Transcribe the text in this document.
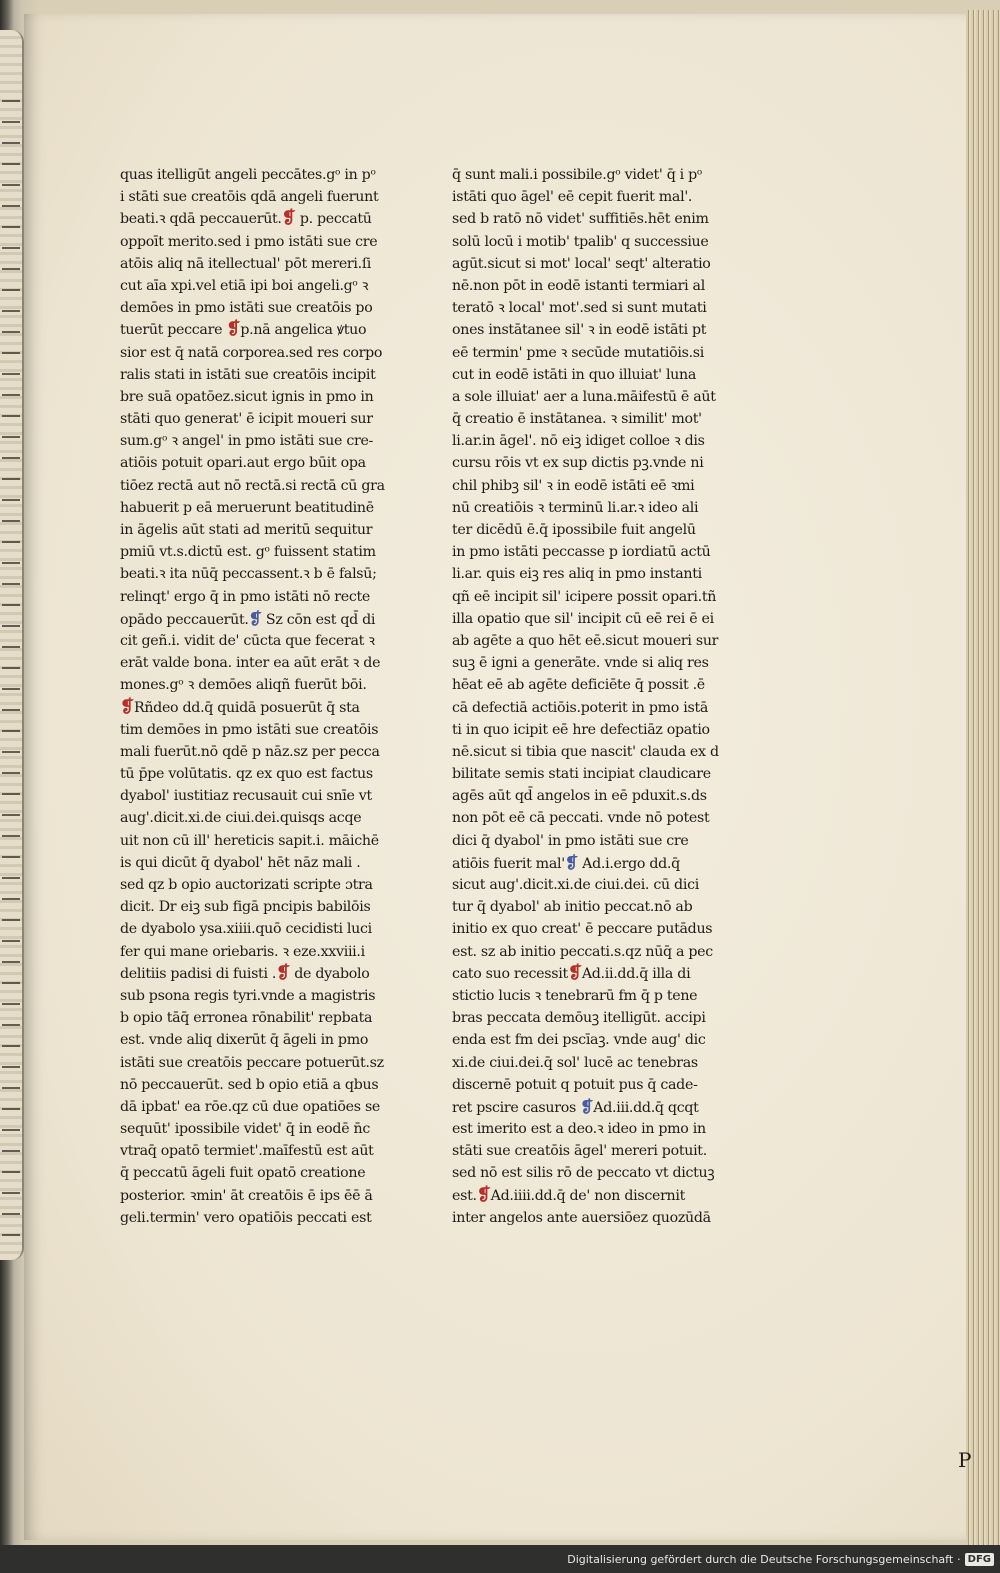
quas itelligūt angeli peccātes.gᵒ in pᵒ
i stāti sue creatōis qdā angeli fuerunt
beati.ꝛ qdā peccauerūt.❡ p. peccatū
oppoīt merito.sed i pmo istāti sue cre
atōis aliq nā itellectual' pōt mereri.ſi
cut aīa xpi.vel etiā ipi boi angeli.gᵒ ꝛ
demōes in pmo istāti sue creatōis po
tuerūt peccare ❡p.nā angelica ꝟtuo
sior est q̄ natā corporea.sed res corpo
ralis stati in istāti sue creatōis incipit
bre suā opatōez.sicut ignis in pmo in
stāti quo generat' ē icipit moueri sur
sum.gᵒ ꝛ angel' in pmo istāti sue cre-
atiōis potuit opari.aut ergo būit opa
tiōez rectā aut nō rectā.si rectā cū gra
habuerit p eā meruerunt beatitudinē
in āgelis aūt stati ad meritū sequitur
pmiū vt.s.dictū est. gᵒ fuissent statim
beati.ꝛ ita nūq̄ peccassent.ꝛ b ē falsū;
relinqt' ergo q̄ in pmo istāti nō recte
opādo peccauerūt.❡ Sz cōn est qd̄ di
cit geñ.i. vidit de' cūcta que fecerat ꝛ
erāt valde bona. inter ea aūt erāt ꝛ de
mones.gᵒ ꝛ demōes aliqñ fuerūt bōi.
❡Rñdeo dd.q̄ quidā posuerūt q̄ sta
tim demōes in pmo istāti sue creatōis
mali fuerūt.nō qdē p nāz.sz per pecca
tū p̄pe volūtatis. qz ex quo est factus
dyabol' iustitiaz recusauit cui snīe vt
aug'.dicit.xi.de ciui.dei.quisqs acqe
uit non cū ill' hereticis sapit.i. māichē
is qui dicūt q̄ dyabol' hēt nāz mali .
sed qz b opio auctorizati scripte ɔtra
dicit. Dr eiꝫ sub figā pncipis babilōis
de dyabolo ysa.xiiii.quō cecidisti luci
fer qui mane oriebaris. ꝛ eze.xxviii.i
delitiis padisi di fuisti .❡ de dyabolo
sub psona regis tyri.vnde a magistris
b opio tāq̄ erronea rōnabilit' repbata
est. vnde aliq dixerūt q̄ āgeli in pmo
istāti sue creatōis peccare potuerūt.sz
nō peccauerūt. sed b opio etiā a qbus
dā ipbat' ea rōe.qz cū due opatiōes se
sequūt' ipossibile videt' q̄ in eodē n̄c
vtraq̄ opatō termiet'.maīfestū est aūt
q̄ peccatū āgeli fuit opatō creatione
posterior. ꝛmin' āt creatōis ē ips ēē ā
geli.termin' vero opatiōis peccati est
q̄ sunt mali.i possibile.gᵒ videt' q̄ i pᵒ
istāti quo āgel' eē cepit fuerit mal'.
sed b ratō nō videt' suffitiēs.hēt enim
solū locū i motib' tpalib' q successiue
agūt.sicut si mot' local' seqt' alteratio
nē.non pōt in eodē istanti termiari al
teratō ꝛ local' mot'.sed si sunt mutati
ones instātanee sil' ꝛ in eodē istāti pt
eē termin' pme ꝛ secūde mutatiōis.si
cut in eodē istāti in quo illuiat' luna
a sole illuiat' aer a luna.māifestū ē aūt
q̄ creatio ē instātanea. ꝛ similit' mot'
li.ar.in āgel'. nō eiꝫ idiget colloe ꝛ dis
cursu rōis vt ex sup dictis pꝫ.vnde ni
chil phibꝫ sil' ꝛ in eodē istāti eē ꝛmi
nū creatiōis ꝛ terminū li.ar.ꝛ ideo ali
ter dicēdū ē.q̄ ipossibile fuit angelū
in pmo istāti peccasse p iordiatū actū
li.ar. quis eiꝫ res aliq in pmo instanti
qñ eē incipit sil' icipere possit opari.tñ
illa opatio que sil' incipit cū eē rei ē ei
ab agēte a quo hēt eē.sicut moueri sur
suꝫ ē igni a generāte. vnde si aliq res
hēat eē ab agēte deficiēte q̄ possit .ē
cā defectiā actiōis.poterit in pmo istā
ti in quo icipit eē hre defectiāz opatio
nē.sicut si tibia que nascit' clauda ex d
bilitate semis stati incipiat claudicare
agēs aūt qd̄ angelos in eē pduxit.s.ds
non pōt eē cā peccati. vnde nō potest
dici q̄ dyabol' in pmo istāti sue cre
atiōis fuerit mal'❡ Ad.i.ergo dd.q̄
sicut aug'.dicit.xi.de ciui.dei. cū dici
tur q̄ dyabol' ab initio peccat.nō ab
initio ex quo creat' ē peccare putādus
est. sz ab initio peccati.s.qz nūq̄ a pec
cato suo recessit❡Ad.ii.dd.q̄ illa di
stictio lucis ꝛ tenebrarū fm q̄ p tene
bras peccata demōuꝫ itelligūt. accipi
enda est fm dei pscīaꝫ. vnde aug' dic
xi.de ciui.dei.q̄ sol' lucē ac tenebras
discernē potuit q potuit pus q̄ cade-
ret pscire casuros ❡Ad.iii.dd.q̄ qcqt
est imerito est a deo.ꝛ ideo in pmo in
stāti sue creatōis āgel' mereri potuit.
sed nō est silis rō de peccato vt dictuꝫ
est.❡Ad.iiii.dd.q̄ de' non discernit
inter angelos ante auersiōez quozūdā
P
Digitalisierung gefördert durch die Deutsche Forschungsgemeinschaft · DFG
